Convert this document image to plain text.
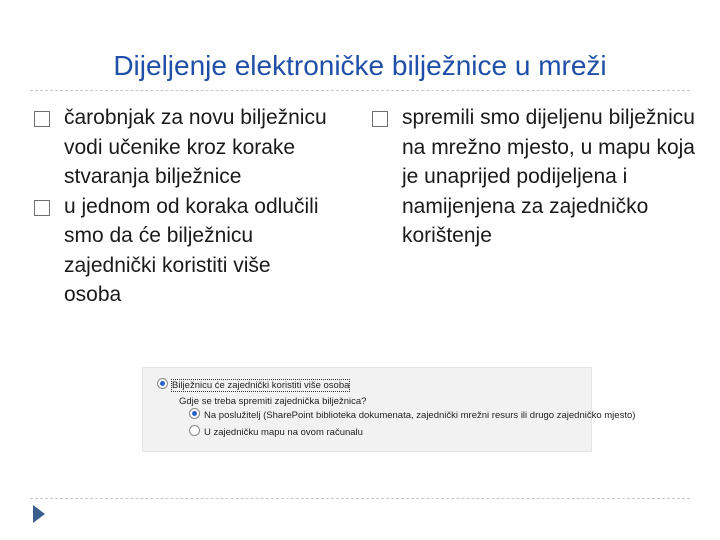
Dijeljenje elektroničke bilježnice u mreži
čarobnjak za novu bilježnicu vodi učenike kroz korake stvaranja bilježnice
u jednom od koraka odlučili smo da će bilježnicu zajednički koristiti više osoba
spremili smo dijeljenu bilježnicu na mrežno mjesto, u mapu koja je unaprijed podijeljena i namijenjena za zajedničko korištenje
Bilježnicu će zajednički koristiti više osoba
Gdje se treba spremiti zajednička bilježnica?
Na poslužitelj (SharePoint biblioteka dokumenata, zajednički mrežni resurs ili drugo zajedničko mjesto)
U zajedničku mapu na ovom računalu
